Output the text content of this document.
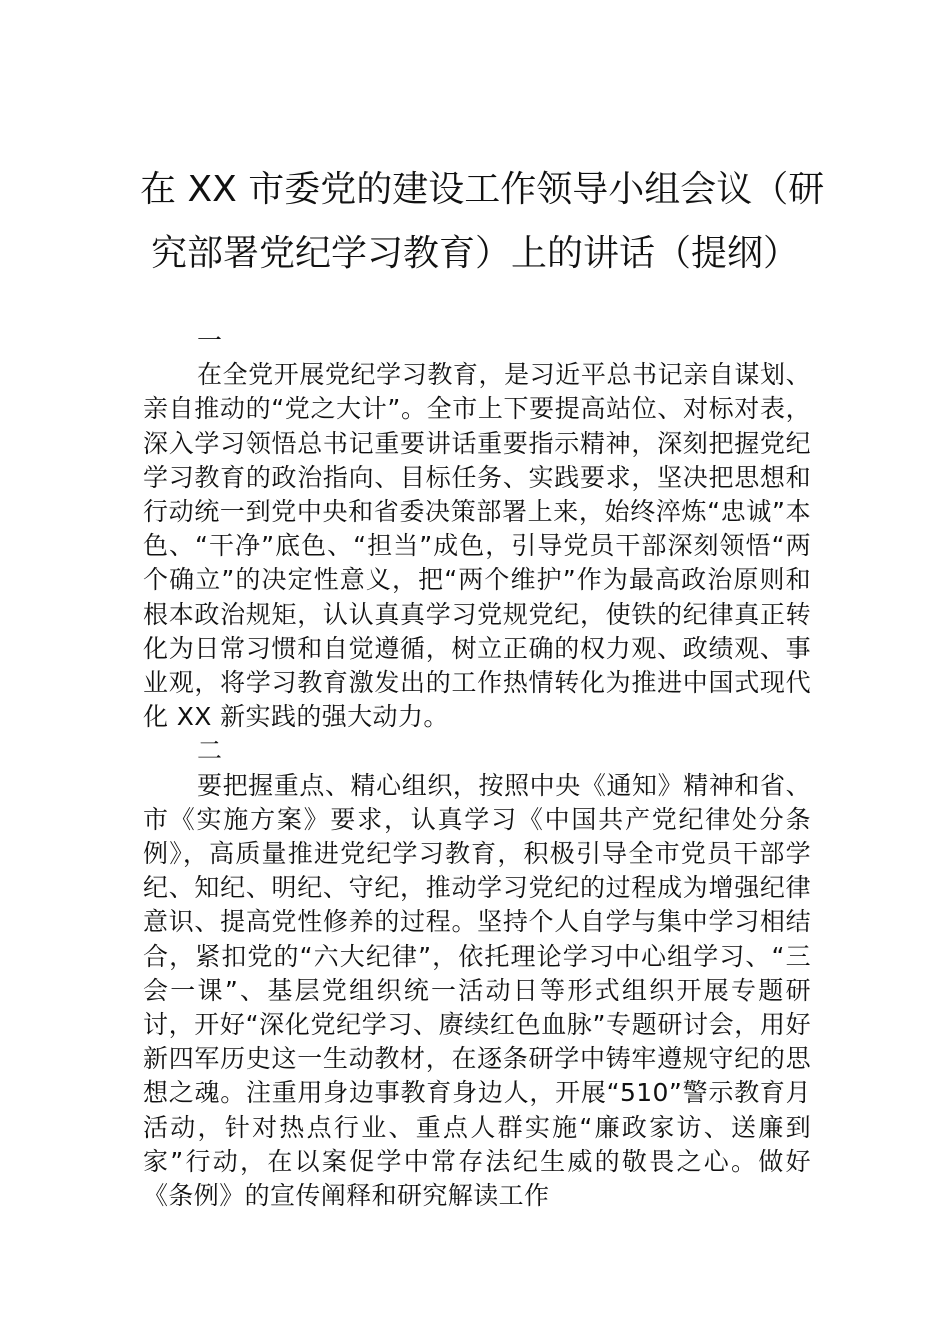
在 XX 市委党的建设工作领导小组会议（研
究部署党纪学习教育）上的讲话（提纲）
一

在全党开展党纪学习教育，是习近平总书记亲自谋划、亲自推动的“党之大计”。全市上下要提高站位、对标对表，深入学习领悟总书记重要讲话重要指示精神，深刻把握党纪学习教育的政治指向、目标任务、实践要求，坚决把思想和行动统一到党中央和省委决策部署上来，始终淬炼“忠诚”本色、“干净”底色、“担当”成色，引导党员干部深刻领悟“两个确立”的决定性意义，把“两个维护”作为最高政治原则和根本政治规矩，认认真真学习党规党纪，使铁的纪律真正转化为日常习惯和自觉遵循，树立正确的权力观、政绩观、事业观，将学习教育激发出的工作热情转化为推进中国式现代化 XX 新实践的强大动力。

二

要把握重点、精心组织，按照中央《通知》精神和省、市《实施方案》要求，认真学习《中国共产党纪律处分条例》，高质量推进党纪学习教育，积极引导全市党员干部学纪、知纪、明纪、守纪，推动学习党纪的过程成为增强纪律意识、提高党性修养的过程。坚持个人自学与集中学习相结合，紧扣党的“六大纪律”，依托理论学习中心组学习、“三会一课”、基层党组织统一活动日等形式组织开展专题研讨，开好“深化党纪学习、赓续红色血脉”专题研讨会，用好新四军历史这一生动教材，在逐条研学中铸牢遵规守纪的思想之魂。注重用身边事教育身边人，开展“510”警示教育月活动，针对热点行业、重点人群实施“廉政家访、送廉到家”行动，在以案促学中常存法纪生威的敬畏之心。做好《条例》的宣传阐释和研究解读工作
